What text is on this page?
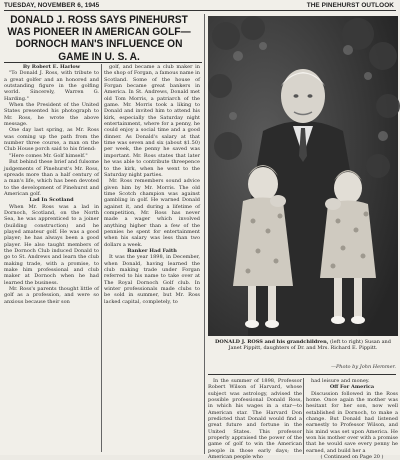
TUESDAY, NOVEMBER 6, 1945	THE PINEHURST OUTLOOK
DONALD J. ROSS SAYS PINEHURST WAS PIONEER IN AMERICAN GOLF—DORNOCH MAN'S INFLUENCE ON GAME IN U. S. A.

By Robert E. Harlow

"To Donald J. Ross, with tribute to a great golfer and an honored and outstanding figure in the golfing world. Sincerely, Warren G. Harding."

When the President of the United States presented his photograph to Mr. Ross, he wrote the above message.

One day last spring, as Mr. Ross was coming up the path from the number three course, a man on the Club House porch said to his friend:

"Here comes Mr. Golf himself."

But behind these brief and fulsome judgements of Pinehurst's Mr. Ross, spreads more than a half century of a man's life, which has been devoted to the development of Pinehurst and American golf.

Lad In Scotland

When Mr. Ross was a lad in Dornoch, Scotland, on the North Sea, he was apprenticed to a joiner (building construction) and he played amateur golf. He was a good player; he has always been a good player. He also taught members of the Dornoch Club induced Donald to go to St. Andrews and learn the club making trade, with a promise, to make him professional and club maker at Dornoch when he had learned the business.

Mr. Ross's parents thought little of golf as a profession, and were so anxious because their son

golf, and became a club maker in the shop of Forgan, a famous name in Scotland. Some of the house of Forgan became great bankers in America. In St. Andrews, Donald met old Tom Morris, a patriarch of the game. Mr. Morris took a liking to Donald and invited him to attend his kirk, especially the Saturday night entertainment, where for a penny, he could enjoy a social time and a good dinner. As Donald's salary at that time was seven and six (about $1.50) per week, the penny he saved was important. Mr. Ross states that later he was able to contribute threepence to the kirk, when he went to the Saturday night parties.

Mr. Ross remembers sound advice given him by Mr. Morris. The old time Scotch champion was against gambling in golf. He warned Donald against it, and during a lifetime of competition, Mr. Ross has never made a wager which involved anything higher than a few of the pennies he spent for entertainment when his salary was less than two dollars a week.

Banker Had Faith

It was the year 1898, in December, when Donald, having learned the club making trade under Forgan referred to his name to take over at The Royal Dornoch Golf club. In winter professionals made clubs to be sold in summer, but Mr. Ross lacked capital, completely, to

DONALD J. ROSS and his grandchildren, (left to right) Susan and Janet Pippitt, daughters of Dr. and Mrs. Richard E. Pippitt.
—Photo by John Hemmer.

In the summer of 1898, Professor Robert Wilson of Harvard, whose subject was astrology, advised the possible professional Donald Ross, in which his wages in a star—to American star. The Harvard Don predicted that Donald would find a great future and fortune in the United States. This professor properly appraised the power of the game of golf to win the American people in those early days; the American people who

had leisure and money.

Off For America

Discussion followed in the Ross home. Once again the mother was hesitant for her son, now well established in Dornoch, to make a change. But Donald had listened earnestly to Professor Wilson, and his mind was set upon America. He won his mother over with a promise that he would save every penny he earned, and build her a

( Continued on Page 20 )
